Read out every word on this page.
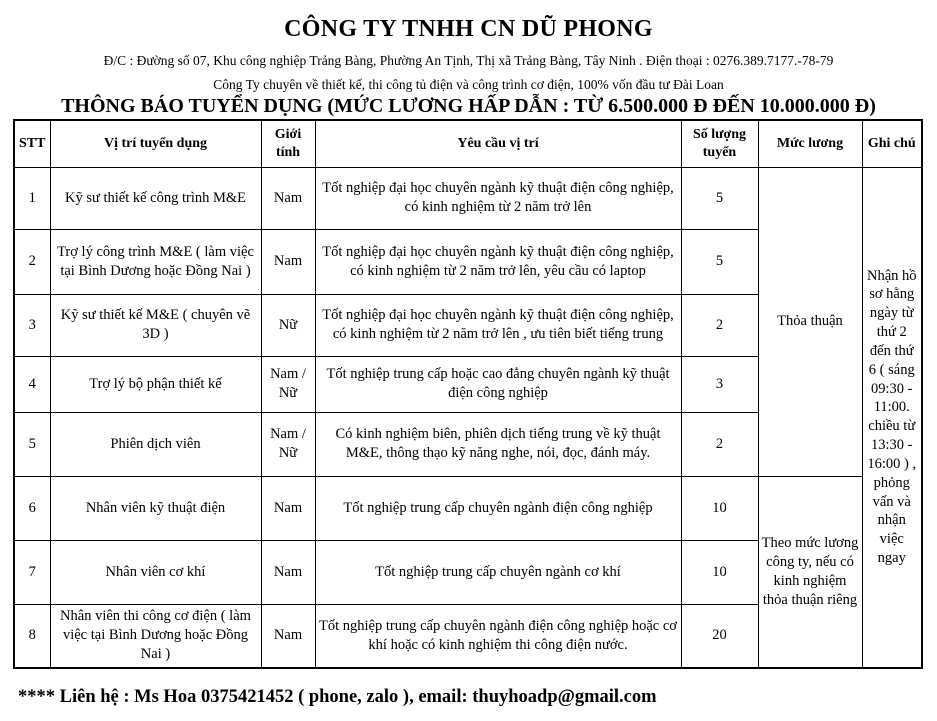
CÔNG TY TNHH CN DŨ PHONG
Đ/C : Đường số 07, Khu công nghiệp Trảng Bàng, Phường An Tịnh, Thị xã Trảng Bàng, Tây Ninh . Điện thoại : 0276.389.7177.-78-79
Công Ty chuyên về thiết kế, thi công tủ điện và công trình cơ điện, 100% vốn đầu tư Đài Loan
THÔNG BÁO TUYỂN DỤNG (MỨC LƯƠNG HẤP DẪN : TỪ 6.500.000 Đ ĐẾN 10.000.000 Đ)
STT	Vị trí tuyển dụng	Giới tính	Yêu cầu vị trí	Số lượng tuyển	Mức lương	Ghi chú
1	Kỹ sư thiết kế công trình M&E	Nam	Tốt nghiệp đại học chuyên ngành kỹ thuật điện công nghiệp, có kinh nghiệm từ 2 năm trở lên	5	Thỏa thuận	Nhận hồ sơ hằng ngày từ thứ 2 đến thứ 6 ( sáng 09:30 - 11:00. chiều từ 13:30 - 16:00 ) , phỏng vấn và nhận việc ngay
2	Trợ lý công trình M&E ( làm việc tại Bình Dương hoặc Đồng Nai )	Nam	Tốt nghiệp đại học chuyên ngành kỹ thuật điện công nghiệp, có kinh nghiệm từ 2 năm trở lên, yêu cầu có laptop	5		
3	Kỹ sư thiết kế M&E ( chuyên vẽ 3D )	Nữ	Tốt nghiệp đại học chuyên ngành kỹ thuật điện công nghiệp, có kinh nghiệm từ 2 năm trở lên , ưu tiên biết tiếng trung	2		
4	Trợ lý bộ phận thiết kế	Nam / Nữ	Tốt nghiệp trung cấp hoặc cao đẳng chuyên ngành kỹ thuật điện công nghiệp	3		
5	Phiên dịch viên	Nam / Nữ	Có kinh nghiệm biên, phiên dịch tiếng trung về kỹ thuật M&E, thông thạo kỹ năng nghe, nói, đọc, đánh máy.	2		
6	Nhân viên kỹ thuật điện	Nam	Tốt nghiệp trung cấp chuyên ngành điện công nghiệp	10	Theo mức lương công ty, nếu có kinh nghiệm thỏa thuận riêng	
7	Nhân viên cơ khí	Nam	Tốt nghiệp trung cấp chuyên ngành cơ khí	10		
8	Nhân viên thi công cơ điện ( làm việc tại Bình Dương hoặc Đồng Nai )	Nam	Tốt nghiệp trung cấp chuyên ngành điện công nghiệp hoặc cơ khí hoặc có kinh nghiệm thi công điện nước.	20		
**** Liên hệ : Ms Hoa 0375421452 ( phone, zalo ), email: thuyhoadp@gmail.com
